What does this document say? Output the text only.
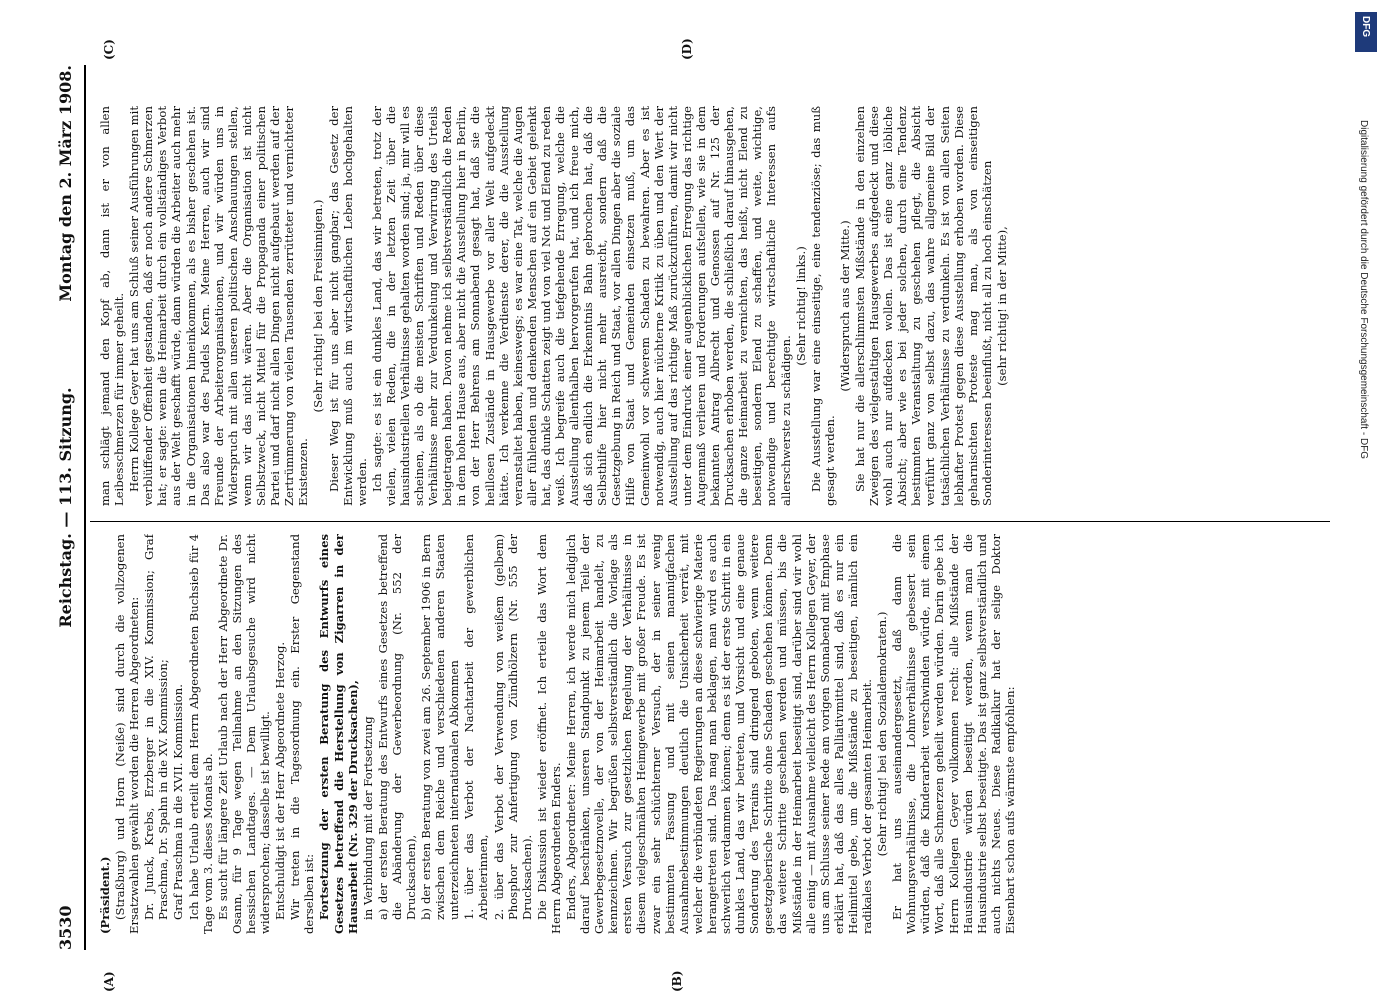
3530
Reichstag. — 113. Sitzung.
Montag den 2. März 1908.
(A)	(B)
(C)	(D)

(Präsident.) (Straßburg) und Horn (Neiße) sind durch die vollzogenen Ersatzwahlen gewählt worden die Herren Abgeordneten: Dr. Junck, Krebs, Erzberger in die XIV. Kommission; Graf Praschma, Dr. Spahn in die XV. Kommission; Graf Praschma in die XVII. Kommission. Ich habe Urlaub erteilt dem Herrn Abgeordneten Buchsieb für 4 Tage vom 3. dieses Monats ab. Es sucht für längere Zeit Urlaub nach der Herr Abgeordnete Dr. Osann, für 9 Tage wegen Teilnahme an den Sitzungen des hessischen Landtages. — Dem Urlaubsgesuche wird nicht widersprochen; dasselbe ist bewilligt. Entschuldigt ist der Herr Abgeordnete Herzog. Wir treten in die Tagesordnung ein. Erster Gegenstand derselben ist: Fortsetzung der ersten Beratung des Entwurfs eines Gesetzes betreffend die Herstellung von Zigarren in der Hausarbeit (Nr. 329 der Drucksachen), in Verbindung mit der Fortsetzung a) der ersten Beratung des Entwurfs eines Gesetzes betreffend die Abänderung der Gewerbeordnung (Nr. 552 der Drucksachen), b) der ersten Beratung von zwei am 26. September 1906 in Bern zwischen dem Reiche und verschiedenen anderen Staaten unterzeichneten internationalen Abkommen 1. über das Verbot der Nachtarbeit der gewerblichen Arbeiterinnen, 2. über das Verbot der Verwendung von weißem (gelbem) Phosphor zur Anfertigung von Zündhölzern (Nr. 555 der Drucksachen). Die Diskussion ist wieder eröffnet. Ich erteile das Wort dem Herrn Abgeordneten Enders. Enders, Abgeordneter: Meine Herren, ich werde mich lediglich darauf beschränken, unseren Standpunkt zu jenem Teile der Gewerbegesetznovelle, der von der Heimarbeit handelt, zu kennzeichnen. Wir begrüßen selbstverständlich die Vorlage als ersten Versuch zur gesetzlichen Regelung der Verhältnisse in diesem vielgeschmähten Heimgewerbe mit großer Freude. Es ist zwar ein sehr schüchterner Versuch, der in seiner wenig bestimmten Fassung und mit seinen mannigfachen Ausnahmebestimmungen deutlich die Unsicherheit verrät, mit welcher die verbündeten Regierungen an diese schwierige Materie herangetreten sind. Das mag man beklagen, man wird es auch schwerlich verdammen können; denn es ist der erste Schritt in ein dunkles Land, das wir betreten, und Vorsicht und eine genaue Sonderung des Terrains sind dringend geboten, wenn weitere gesetzgeberische Schritte ohne Schaden geschehen können. Denn das weitere Schritte geschehen werden und müssen, bis die Mißstände in der Heimarbeit beseitigt sind, darüber sind wir wohl alle einig — mit Ausnahme vielleicht des Herrn Kollegen Geyer, der uns am Schlusse seiner Rede am vorigen Sonnabend mit Emphase erklärt hat, daß das alles Palliativmittel sind, daß es nur ein Heilmittel gebe, um die Mißstände zu beseitigen, nämlich ein radikales Verbot der gesamten Heimarbeit. (Sehr richtig! bei den Sozialdemokraten.) Er hat uns auseinandergesetzt, daß dann die Wohnungsverhältnisse, die Lohnverhältnisse gebessert sein würden, daß die Kinderarbeit verschwinden würde, mit einem Wort, daß alle Schmerzen geheilt werden würden. Darin gebe ich Herrn Kollegen Geyer vollkommen recht: alle Mißstände der Hausindustrie würden beseitigt werden, wenn man die Hausindustrie selbst beseitigte. Das ist ganz selbstverständlich und auch nichts Neues. Diese Radikalkur hat der selige Doktor Eisenbart schon aufs wärmste empfohlen:

man schlägt jemand den Kopf ab, dann ist er von allen Leibesschmerzen für immer geheilt. Herrn Kollege Geyer hat uns am Schluß seiner Ausführungen mit verblüffender Offenheit gestanden, daß er noch andere Schmerzen hat; er sagte: wenn die Heimarbeit durch ein vollständiges Verbot aus der Welt geschafft würde, dann würden die Arbeiter auch mehr in die Organisationen hineinkommen, als es bisher geschehen ist. Das also war des Pudels Kern. Meine Herren, auch wir sind Freunde der Arbeiterorganisationen, und wir würden uns in Widerspruch mit allen unseren politischen Anschauungen stellen, wenn wir das nicht wären. Aber die Organisation ist nicht Selbstzweck, nicht Mittel für die Propaganda einer politischen Partei und darf nicht allen Dingen nicht aufgebaut werden auf der Zertrümmerung von vielen Tausenden zerrütteter und vernichteter Existenzen.

(Sehr richtig! bei den Freisinnigen.) Dieser Weg ist für uns aber nicht gangbar; das Gesetz der Entwicklung muß auch im wirtschaftlichen Leben hochgehalten werden. Ich sagte: es ist ein dunkles Land, das wir betreten, trotz der vielen, vielen Reden, die in der letzten Zeit über die hausindustriellen Verhältnisse gehalten worden sind; ja, mir will es scheinen, als ob die meisten Schriften und Reden über diese Verhältnisse mehr zur Verdunkelung und Verwirrung des Urteils beigetragen haben. Davon nehme ich selbstverständlich die Reden in dem hohen Hause aus, aber nicht die Ausstellung hier in Berlin, von der Herr Behrens am Sonnabend gesagt hat, daß sie die heillosen Zustände in Hausgewerbe vor aller Welt aufgedeckt hätte. Ich verkenne die Verdienste derer, die die Ausstellung veranstaltet haben, keineswegs; es war eine Tat, welche die Augen aller fühlenden und denkenden Menschen auf ein Gebiet gelenkt hat, das dunkle Schatten zeigt und von viel Not und Elend zu reden weiß. Ich begreife auch die tiefgehende Erregung, welche die Ausstellung allenthalben hervorgerufen hat, und ich freue mich, daß sich endlich die Erkenntnis Bahn gebrochen hat, daß die Selbsthilfe hier nicht mehr ausreicht, sondern daß die Gesetzgebung in Reich und Staat, vor allen Dingen aber die soziale Hilfe von Staat und Gemeinden einsetzen muß, um das Gemeinwohl vor schwerem Schaden zu bewahren. Aber es ist notwendig, auch hier nüchterne Kritik zu üben und den Wert der Ausstellung auf das richtige Maß zurückzuführen, damit wir nicht unter dem Eindruck einer augenblicklichen Erregung das richtige Augenmaß verlieren und Forderungen aufstellen, wie sie in dem bekannten Antrag Albrecht und Genossen auf Nr. 125 der Drucksachen erhoben werden, die schließlich darauf hinausgehen, die ganze Heimarbeit zu vernichten, das heißt, nicht Elend zu beseitigen, sondern Elend zu schaffen, und weite, wichtige, notwendige und berechtigte wirtschaftliche Interessen aufs allerschwerste zu schädigen.

(Sehr richtig! links.) Die Ausstellung war eine einseitige, eine tendenziöse; das muß gesagt werden.

(Widerspruch aus der Mitte.) Sie hat nur die allerschlimmsten Mißstände in den einzelnen Zweigen des vielgestaltigen Hausgewerbes aufgedeckt und diese wohl auch nur aufdecken wollen. Das ist eine ganz löbliche Absicht; aber wie es bei jeder solchen, durch eine Tendenz bestimmten Veranstaltung zu geschehen pflegt, die Absicht verführt ganz von selbst dazu, das wahre allgemeine Bild der tatsächlichen Verhältnisse zu verdunkeln. Es ist von allen Seiten lebhafter Protest gegen diese Ausstellung erhoben worden. Diese geharnischten Proteste mag man, als von einseitigen Sonderinteressen beeinflußt, nicht all zu hoch einschätzen (sehr richtig! in der Mitte),

DFG
Digitalisierung gefördert durch die Deutsche Forschungsgemeinschaft - DFG
